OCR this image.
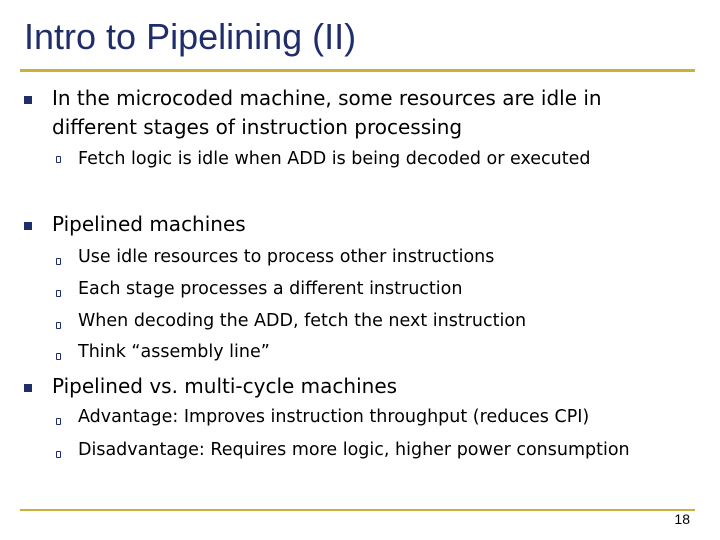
Intro to Pipelining (II)
In the microcoded machine, some resources are idle in
different stages of instruction processing
Fetch logic is idle when ADD is being decoded or executed
Pipelined machines
Use idle resources to process other instructions
Each stage processes a different instruction
When decoding the ADD, fetch the next instruction
Think “assembly line”
Pipelined vs. multi-cycle machines
Advantage: Improves instruction throughput (reduces CPI)
Disadvantage: Requires more logic, higher power consumption
18
